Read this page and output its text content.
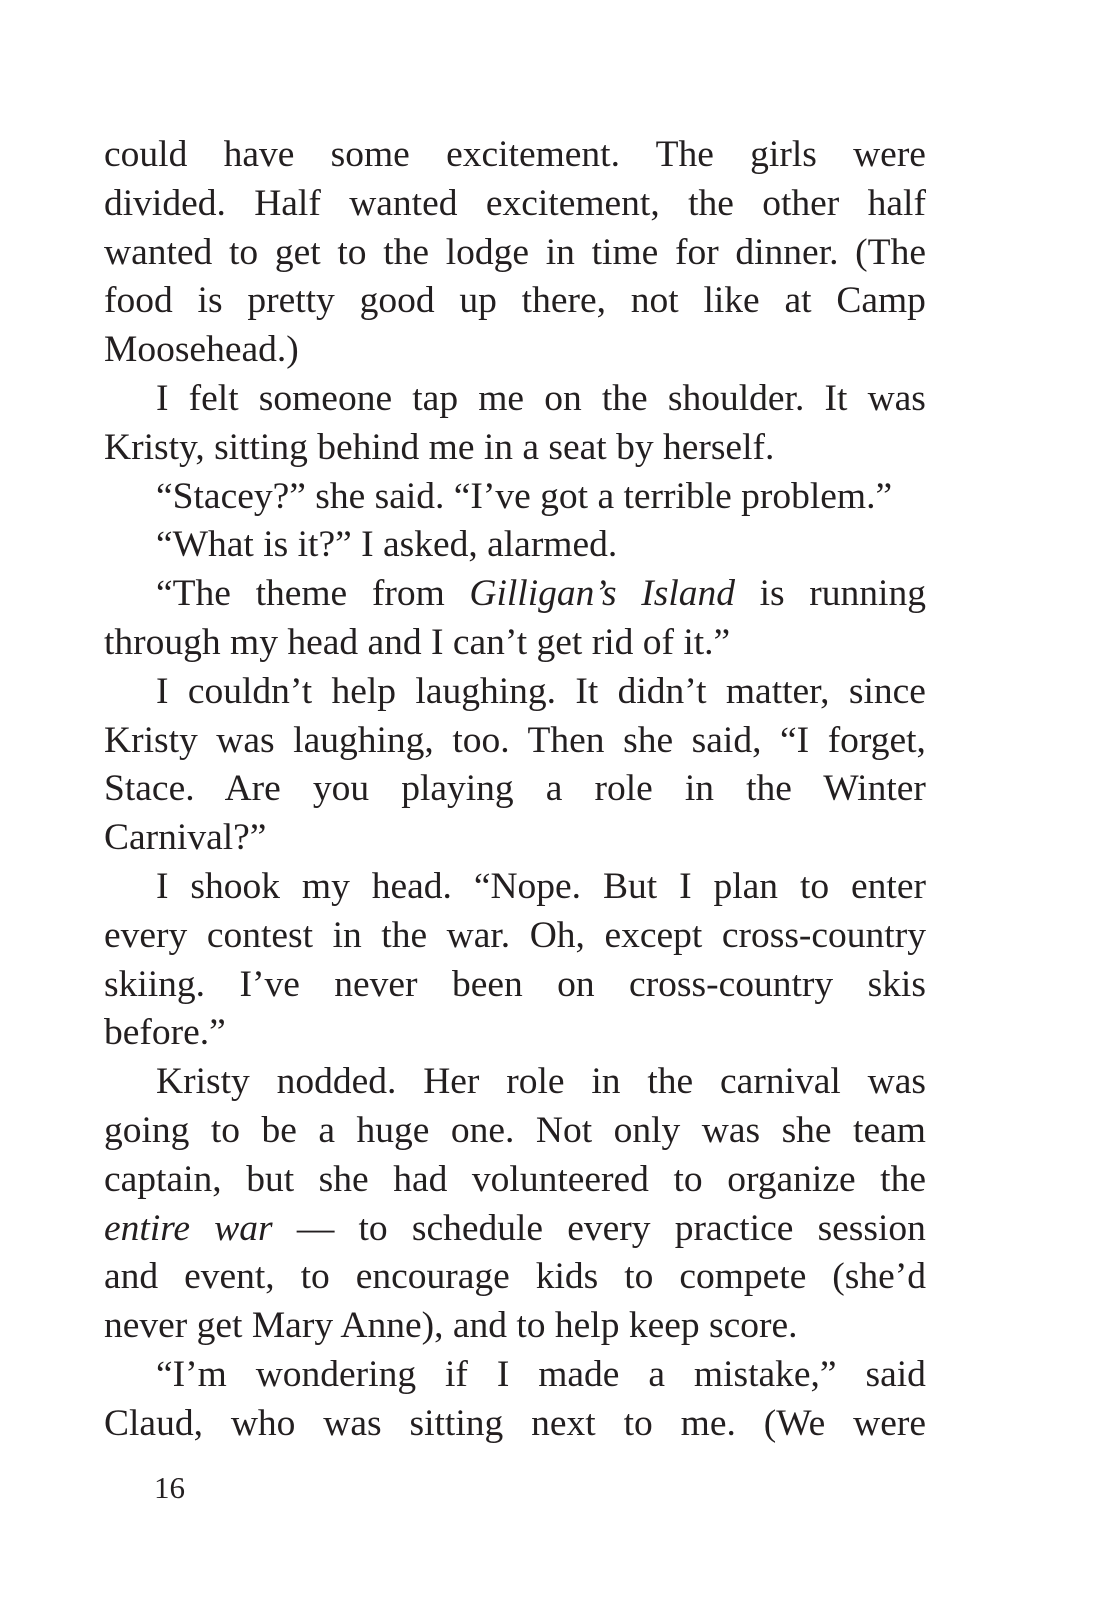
could have some excitement. The girls were
divided. Half wanted excitement, the other half
wanted to get to the lodge in time for dinner. (The
food is pretty good up there, not like at Camp
Moosehead.)
I felt someone tap me on the shoulder. It was
Kristy, sitting behind me in a seat by herself.
“Stacey?” she said. “I’ve got a terrible problem.”
“What is it?” I asked, alarmed.
“The theme from Gilligan’s Island is running
through my head and I can’t get rid of it.”
I couldn’t help laughing. It didn’t matter, since
Kristy was laughing, too. Then she said, “I forget,
Stace. Are you playing a role in the Winter
Carnival?”
I shook my head. “Nope. But I plan to enter
every contest in the war. Oh, except cross-country
skiing. I’ve never been on cross-country skis
before.”
Kristy nodded. Her role in the carnival was
going to be a huge one. Not only was she team
captain, but she had volunteered to organize the
entire war — to schedule every practice session
and event, to encourage kids to compete (she’d
never get Mary Anne), and to help keep score.
“I’m wondering if I made a mistake,” said
Claud, who was sitting next to me. (We were
16
